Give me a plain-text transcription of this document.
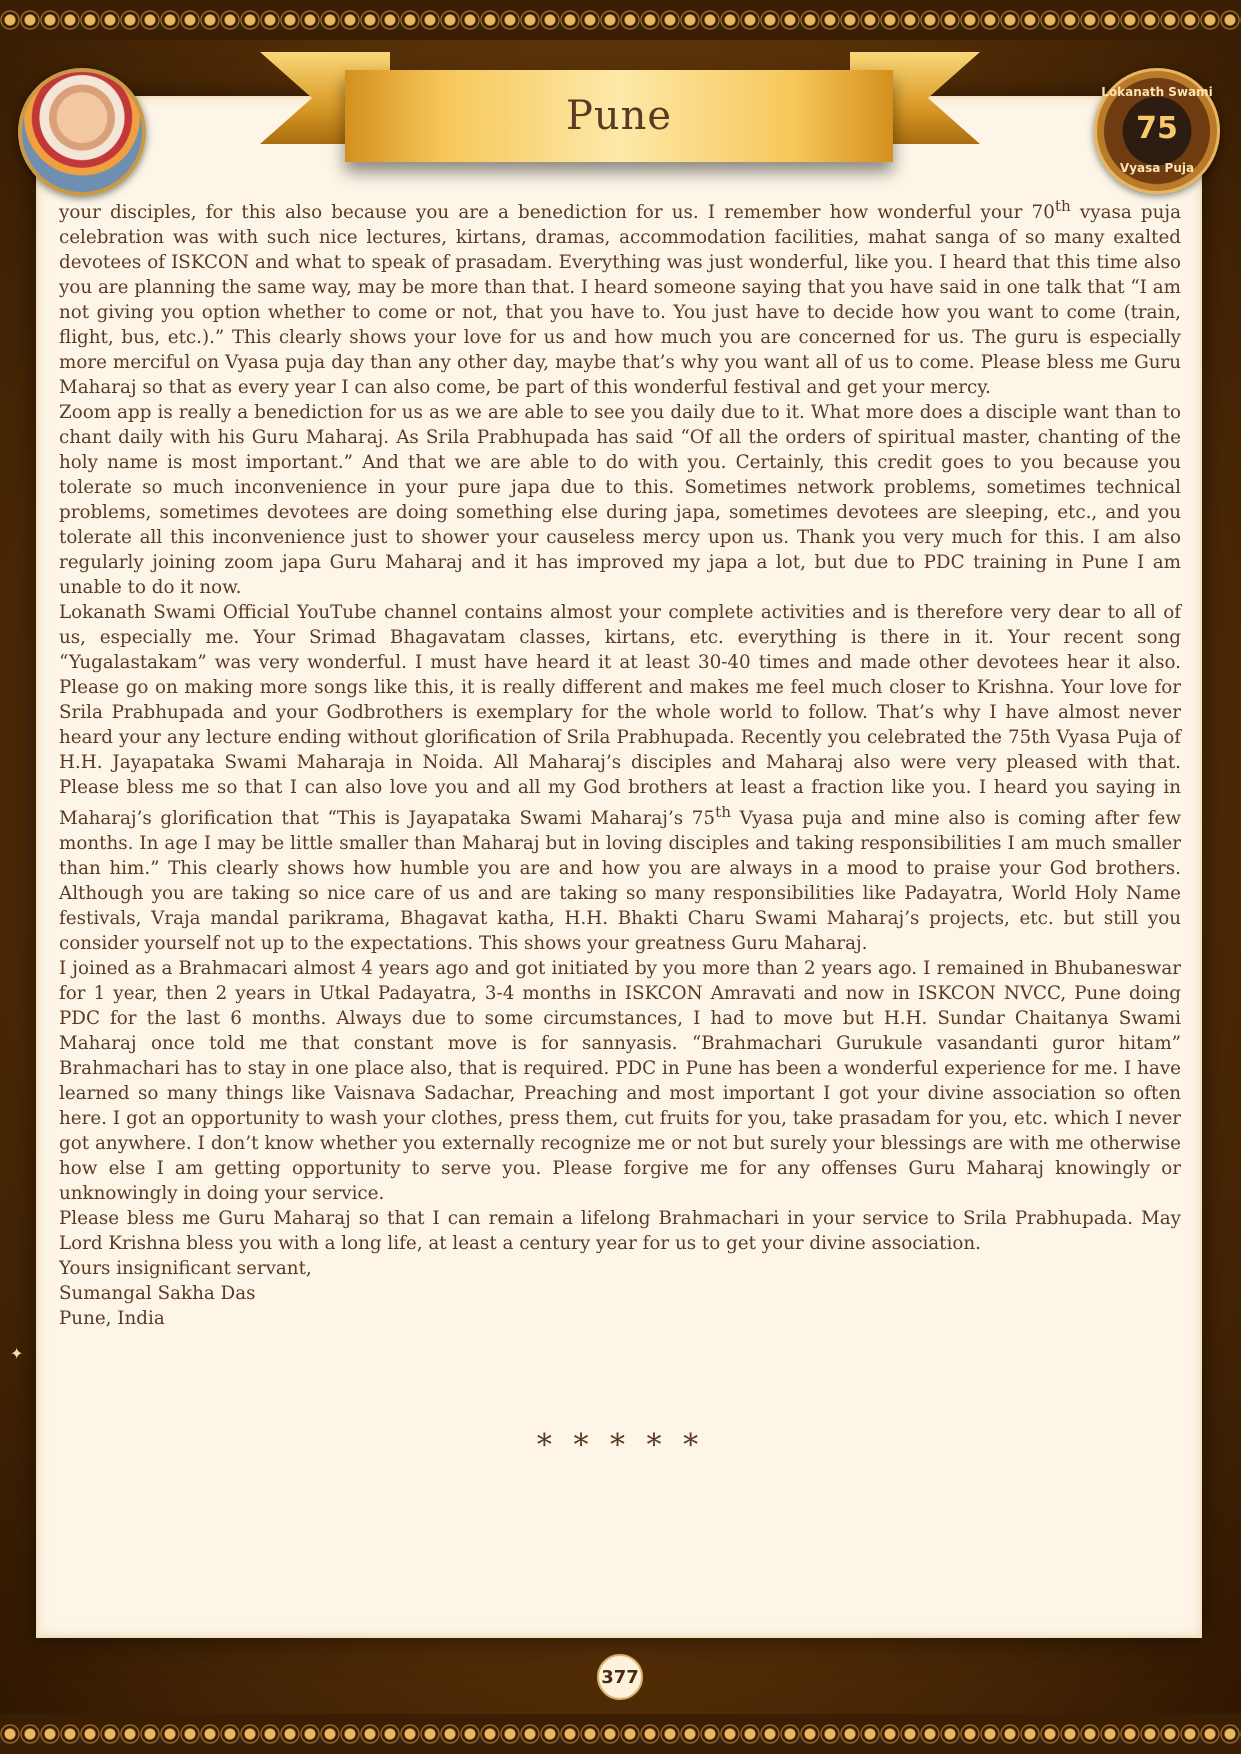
Pune
Lokanath Swami
75
Vyasa Puja

your disciples, for this also because you are a benediction for us. I remember how wonderful your 70th vyasa puja celebration was with such nice lectures, kirtans, dramas, accommodation facilities, mahat sanga of so many exalted devotees of ISKCON and what to speak of prasadam. Everything was just wonderful, like you. I heard that this time also you are planning the same way, may be more than that. I heard someone saying that you have said in one talk that “I am not giving you option whether to come or not, that you have to. You just have to decide how you want to come (train, flight, bus, etc.).” This clearly shows your love for us and how much you are concerned for us. The guru is especially more merciful on Vyasa puja day than any other day, maybe that’s why you want all of us to come. Please bless me Guru Maharaj so that as every year I can also come, be part of this wonderful festival and get your mercy.

Zoom app is really a benediction for us as we are able to see you daily due to it. What more does a disciple want than to chant daily with his Guru Maharaj. As Srila Prabhupada has said “Of all the orders of spiritual master, chanting of the holy name is most important.” And that we are able to do with you. Certainly, this credit goes to you because you tolerate so much inconvenience in your pure japa due to this. Sometimes network problems, sometimes technical problems, sometimes devotees are doing something else during japa, sometimes devotees are sleeping, etc., and you tolerate all this inconvenience just to shower your causeless mercy upon us. Thank you very much for this. I am also regularly joining zoom japa Guru Maharaj and it has improved my japa a lot, but due to PDC training in Pune I am unable to do it now.

Lokanath Swami Official YouTube channel contains almost your complete activities and is therefore very dear to all of us, especially me. Your Srimad Bhagavatam classes, kirtans, etc. everything is there in it. Your recent song “Yugalastakam” was very wonderful. I must have heard it at least 30-40 times and made other devotees hear it also. Please go on making more songs like this, it is really different and makes me feel much closer to Krishna. Your love for Srila Prabhupada and your Godbrothers is exemplary for the whole world to follow. That’s why I have almost never heard your any lecture ending without glorification of Srila Prabhupada. Recently you celebrated the 75th Vyasa Puja of H.H. Jayapataka Swami Maharaja in Noida. All Maharaj’s disciples and Maharaj also were very pleased with that. Please bless me so that I can also love you and all my God brothers at least a fraction like you. I heard you saying in Maharaj’s glorification that “This is Jayapataka Swami Maharaj’s 75th Vyasa puja and mine also is coming after few months. In age I may be little smaller than Maharaj but in loving disciples and taking responsibilities I am much smaller than him.” This clearly shows how humble you are and how you are always in a mood to praise your God brothers. Although you are taking so nice care of us and are taking so many responsibilities like Padayatra, World Holy Name festivals, Vraja mandal parikrama, Bhagavat katha, H.H. Bhakti Charu Swami Maharaj’s projects, etc. but still you consider yourself not up to the expectations. This shows your greatness Guru Maharaj.

I joined as a Brahmacari almost 4 years ago and got initiated by you more than 2 years ago. I remained in Bhubaneswar for 1 year, then 2 years in Utkal Padayatra, 3-4 months in ISKCON Amravati and now in ISKCON NVCC, Pune doing PDC for the last 6 months. Always due to some circumstances, I had to move but H.H. Sundar Chaitanya Swami Maharaj once told me that constant move is for sannyasis. “Brahmachari Gurukule vasandanti guror hitam” Brahmachari has to stay in one place also, that is required. PDC in Pune has been a wonderful experience for me. I have learned so many things like Vaisnava Sadachar, Preaching and most important I got your divine association so often here. I got an opportunity to wash your clothes, press them, cut fruits for you, take prasadam for you, etc. which I never got anywhere. I don’t know whether you externally recognize me or not but surely your blessings are with me otherwise how else I am getting opportunity to serve you. Please forgive me for any offenses Guru Maharaj knowingly or unknowingly in doing your service.

Please bless me Guru Maharaj so that I can remain a lifelong Brahmachari in your service to Srila Prabhupada. May Lord Krishna bless you with a long life, at least a century year for us to get your divine association.

Yours insignificant servant,

Sumangal Sakha Das

Pune, India

* * * * *
✦
377
